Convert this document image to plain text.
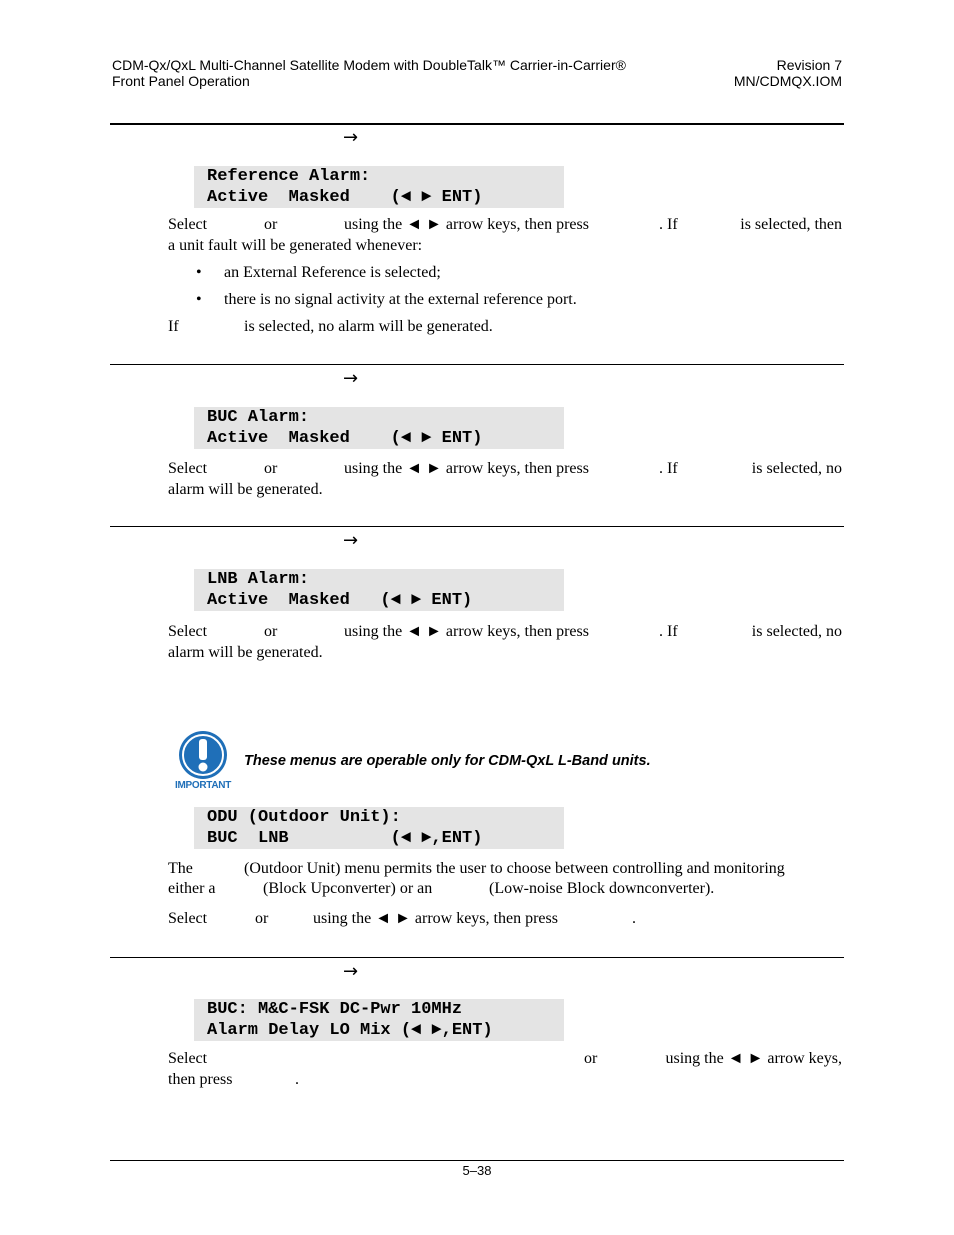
CDM-Qx/QxL Multi-Channel Satellite Modem with DoubleTalk™ Carrier-in-Carrier®
Front Panel Operation
Revision 7
MN/CDMQX.IOM
→
Reference Alarm:
Active  Masked    (◄ ► ENT)
Select	or	using the ◄ ► arrow keys, then press	. If	is selected, then
a unit fault will be generated whenever:
• an External Reference is selected;
• there is no signal activity at the external reference port.
If	is selected, no alarm will be generated.
→
BUC Alarm:
Active  Masked    (◄ ► ENT)
Select	or	using the ◄ ► arrow keys, then press	. If	is selected, no
alarm will be generated.
→
LNB Alarm:
Active  Masked   (◄ ► ENT)
Select	or	using the ◄ ► arrow keys, then press	. If	is selected, no
alarm will be generated.
IMPORTANT
These menus are operable only for CDM-QxL L-Band units.
ODU (Outdoor Unit):
BUC  LNB          (◄ ►,ENT)
The	(Outdoor Unit) menu permits the user to choose between controlling and monitoring
either a	(Block Upconverter) or an	(Low-noise Block downconverter).
Select	or	using the ◄ ► arrow keys, then press	.
→
BUC: M&C-FSK DC-Pwr 10MHz
Alarm Delay LO Mix (◄ ►,ENT)
Select	or	using the ◄ ► arrow keys,
then press	.
5–38
